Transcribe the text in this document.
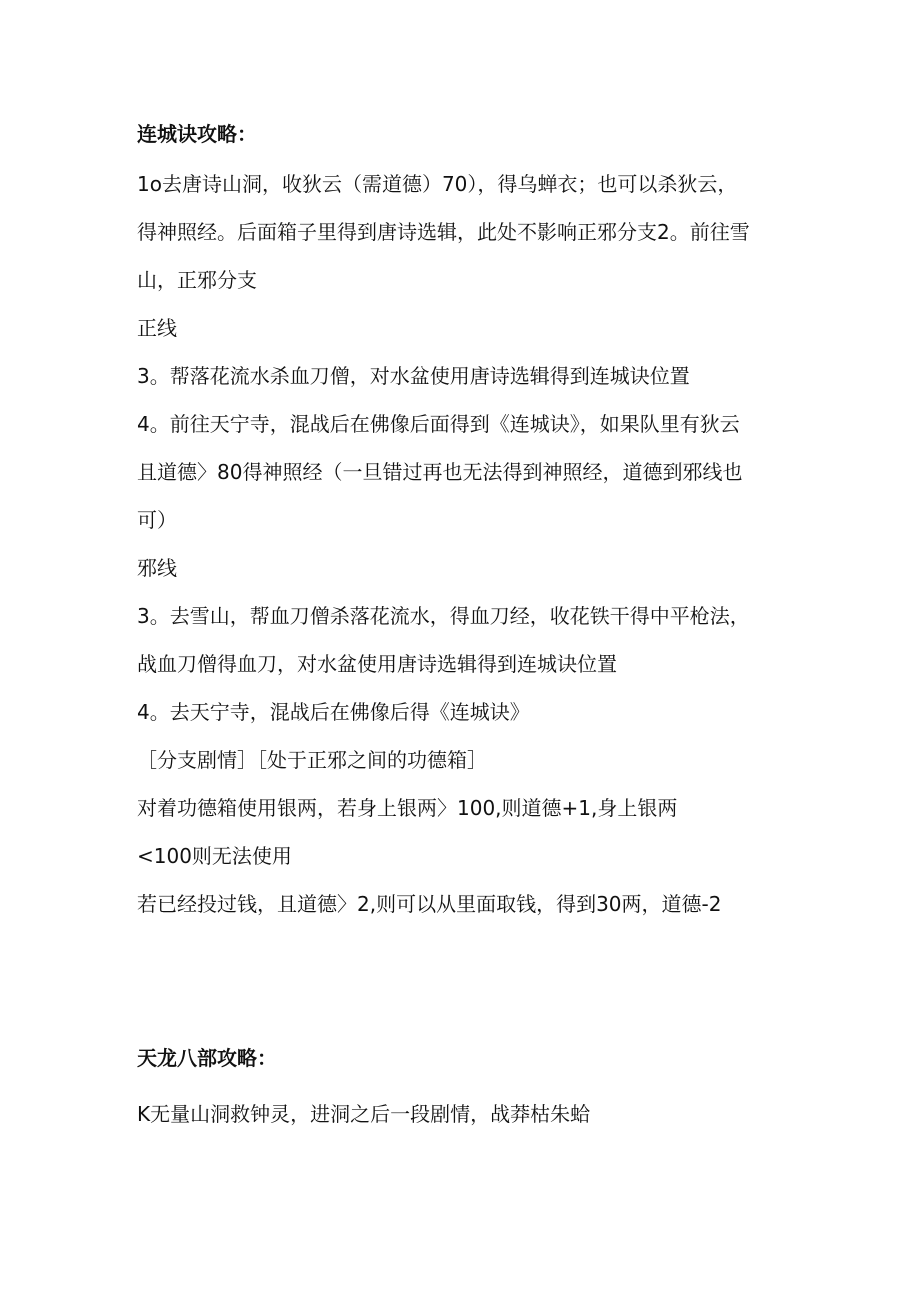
连城诀攻略：
1o去唐诗山洞，收狄云（需道德）70），得乌蝉衣；也可以杀狄云，
得神照经。后面箱子里得到唐诗选辑，此处不影响正邪分支2。前往雪
山，正邪分支
正线
3。帮落花流水杀血刀僧，对水盆使用唐诗选辑得到连城诀位置
4。前往天宁寺，混战后在佛像后面得到《连城诀》，如果队里有狄云
且道德〉80得神照经（一旦错过再也无法得到神照经，道德到邪线也
可）
邪线
3。去雪山，帮血刀僧杀落花流水，得血刀经，收花铁干得中平枪法，
战血刀僧得血刀，对水盆使用唐诗选辑得到连城诀位置
4。去天宁寺，混战后在佛像后得《连城诀》
［分支剧情］［处于正邪之间的功德箱］
对着功德箱使用银两，若身上银两〉100,则道德+1,身上银两
<100则无法使用
若已经投过钱，且道德〉2,则可以从里面取钱，得到30两，道德-2
天龙八部攻略：
K无量山洞救钟灵，进洞之后一段剧情，战莽枯朱蛤
